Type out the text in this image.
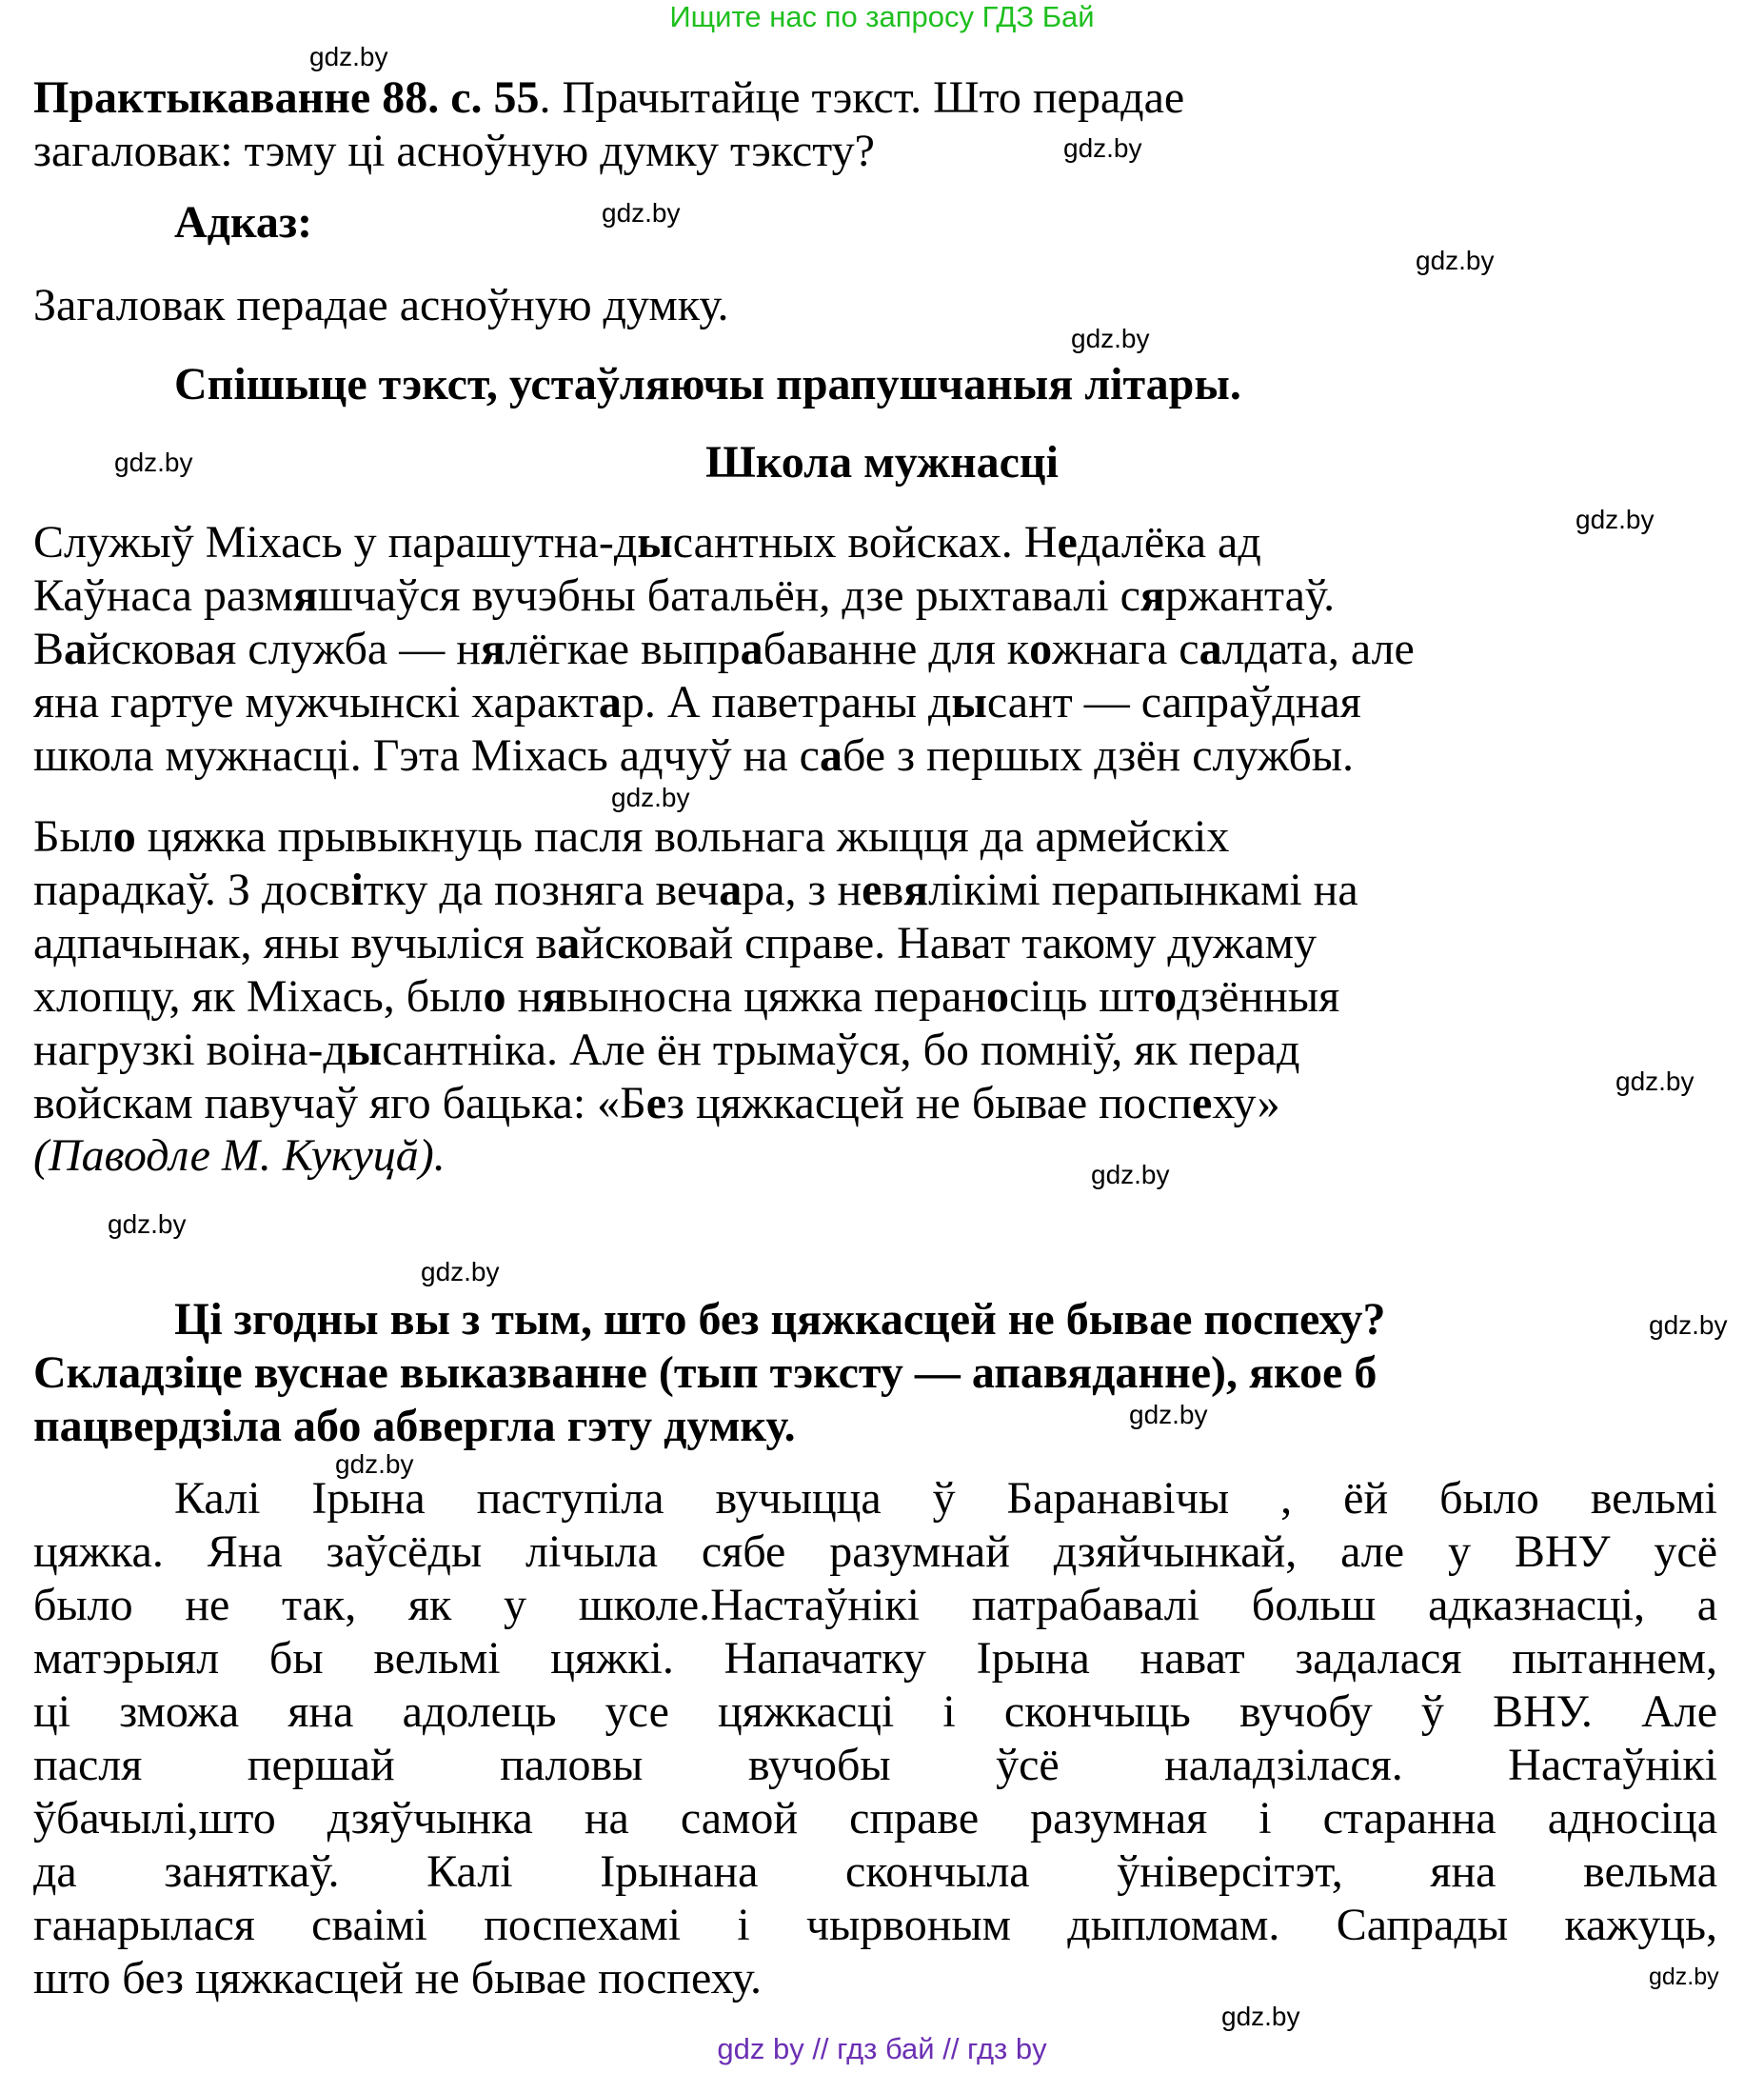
Ищите нас по запросу ГДЗ Бай
gdz.by
gdz.by
gdz.by
gdz.by
gdz.by
gdz.by
gdz.by
gdz.by
gdz.by
gdz.by
gdz.by
gdz.by
gdz.by
gdz.by
gdz.by
gdz.by
gdz.by
Практыкаванне 88. с. 55. Прачытайце тэкст. Што перадае
загаловак: тэму ці асноўную думку тэксту?
Адказ:
Загаловак перадае асноўную думку.
Спішыце тэкст, устаўляючы прапушчаныя літары.
Школа мужнасці
Служыў Міхась у парашутна-дысантных войсках. Недалёка ад
Каўнаса размяшчаўся вучэбны батальён, дзе рыхтавалі сяржантаў.
Вайсковая служба — нялёгкае выпрабаванне для кожнага салдата, але
яна гартуе мужчынскі характар. А паветраны дысант — сапраўдная
школа мужнасці. Гэта Міхась адчуў на сабе з першых дзён службы.
Было цяжка прывыкнуць пасля вольнага жыцця да армейскіх
парадкаў. З досвітку да позняга вечара, з невялікімі перапынкамі на
адпачынак, яны вучыліся вайсковай справе. Нават такому дужаму
хлопцу, як Міхась, было нявыносна цяжка пераносіць штодзённыя
нагрузкі воіна-дысантніка. Але ён трымаўся, бо помніў, як перад
войскам павучаў яго бацька: «Без цяжкасцей не бывае поспеху»
(Паводле М. Кукуцă).
Ці згодны вы з тым, што без цяжкасцей не бывае поспеху?
Складзіце вуснае выказванне (тып тэксту — апавяданне), якое б
пацвердзіла або абвергла гэту думку.
Калі Ірына паступіла вучыцца ў Баранавічы , ёй было вельмі
цяжка. Яна заўсёды лічыла сябе разумнай дзяйчынкай, але у ВНУ усё
было не так, як у школе.Настаўнікі патрабавалі больш адказнасці, а
матэрыял бы вельмі цяжкі. Напачатку Ірына нават задалася пытаннем,
ці зможа яна адолець усе цяжкасці і скончыць вучобу ў ВНУ. Але
пасля першай паловы вучобы ўсё наладзілася. Настаўнікі
ўбачылі,што дзяўчынка на самой справе разумная і старанна адносіца
да заняткаў. Калі Ірынана скончыла ўніверсітэт, яна вельма
ганарылася сваімі поспехамі і чырвоным дыпломам. Сапрады кажуць,
што без цяжкасцей не бывае поспеху.
gdz by // гдз бай // гдз by
